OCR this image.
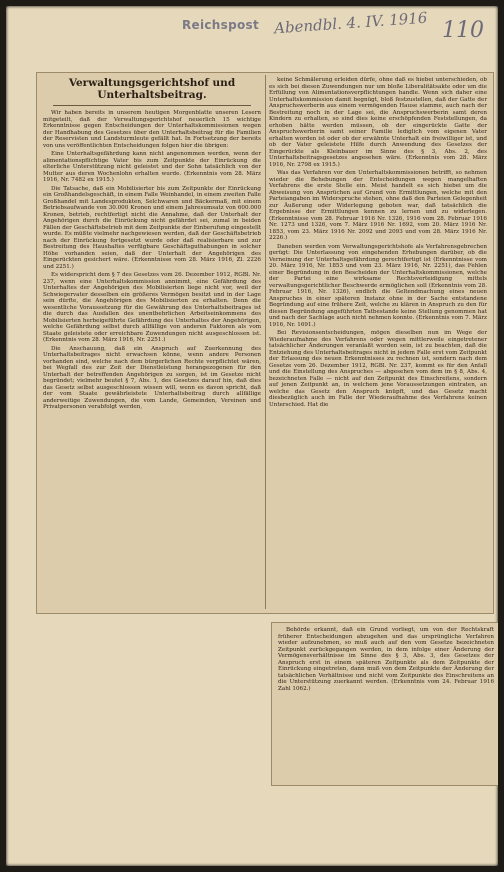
Reichspost Abendbl. 4. IV. 1916 110
Verwaltungsgerichtshof und
Unterhaltsbeitrag.

Wir haben bereits in unserem heutigen Morgenblatte unseren Lesern mitgeteilt, daß der Verwaltungsgerichtshof neuerlich 15 wichtige Erkenntnisse gegen Entscheidungen der Unterhaltskommissionen wegen der Handhabung des Gesetzes über den Unterhaltsbeitrag für die Familien der Reservisten und Landsturmleute gefällt hat. In Fortsetzung der bereits von uns veröffentlichten Entscheidungen folgen hier die übrigen:

Eine Unterhaltsgefährdung kann nicht angenommen werden, wenn der alimentationspflichtige Vater bis zum Zeitpunkte der Einrückung die elterliche Unterstützung nicht geleistet und der Sohn tatsächlich von der Mutter aus deren Wochenlohn erhalten wurde. (Erkenntnis vom 28. März 1916, Nr. 7482 ex 1915.)

Die Tatsache, daß ein Mobilisierter bis zum Zeitpunkte der Einrückung ein Großhandelsgeschäft, in einem Falle Weinhandel, in einem zweiten Falle Großhandel mit Landesprodukten, Selchwaren und Bäckermaß, mit einem Betriebsaufwande von 30.000 Kronen und einem Jahresumsatz von 600.000 Kronen, betrieb, rechtfertigt nicht die Annahme, daß der Unterhalt der Angehörigen durch die Einrückung nicht gefährdet sei, zumal in beiden Fällen der Geschäftsbetrieb mit dem Zeitpunkte der Einberufung eingestellt wurde. Es müßte vielmehr nachgewiesen werden, daß der Geschäftsbetrieb nach der Einrückung fortgesetzt wurde oder daß realisierbare und zur Bestreitung des Haushaltes verfügbare Geschäftsguthabungen in solcher Höhe vorhanden seien, daß der Unterhalt der Angehörigen des Eingerückten gesichert wäre. (Erkenntnisse vom 28. März 1916, Zl. 2226 und 2251.)

Es widerspricht dem § 7 des Gesetzes vom 26. Dezember 1912, RGBl. Nr. 237, wenn eine Unterhaltskommission annimmt, eine Gefährdung des Unterhaltes der Angehörigen des Mobilisierten liege nicht vor, weil der Schwiegervater desselben ein größeres Vermögen besitzt und in der Lage sein dürfte, die Angehörigen des Mobilisierten zu erhalten. Denn die wesentliche Voraussetzung für die Gewährung des Unterhaltsbeitrages ist die durch das Ausfallen des unentbehrlichen Arbeitseinkommens des Mobilisierten herbeigeführte Gefährdung des Unterhaltes der Angehörigen, welche Gefährdung selbst durch allfällige von anderen Faktoren als vom Staate geleistete oder erreichbare Zuwendungen nicht ausgeschlossen ist. (Erkenntnis vom 28. März 1916, Nr. 2251.)

Die Anschauung, daß ein Anspruch auf Zuerkennung des Unterhaltsbeitrages nicht erwachsen könne, wenn andere Personen vorhanden sind, welche nach dem bürgerlichen Rechte verpflichtet wären, bei Wegfall des zur Zeit der Dienstleistung herangezogenen für den Unterhalt der betreffenden Angehörigen zu sorgen, ist im Gesetze nicht begründet; vielmehr beutet § 7, Abs. 1, des Gesetzes darauf hin, daß dies das Gesetz selbst ausgeschlossen wissen will, wenn es davon spricht, daß der vom Staate gewährleistete Unterhaltsbeitrag durch allfällige anderweitige Zuwendungen, die vom Lande, Gemeinden, Vereinen und Privatpersonen verabfolgt werden,

keine Schmälerung erleiden dürfe, ohne daß es hiebei unterschieden, ob es sich bei diesen Zuwendungen nur um bloße Liberalitätsakte oder um die Erfüllung von Alimentationsverpflichtungen handle. Wenn sich daher eine Unterhaltskommission damit begnügt, bloß festzustellen, daß der Gatte der Anspruchswerberin aus einem vermögenden Hause stamme, auch nach der Bestreitung noch in der Lage sei, die Anspruchswerberin samt deren Kindern zu erhalten, so sind dies keine erschöpfenden Feststellungen, da erhoben hätte werden müssen, ob der eingerückte Gatte der Anspruchswerberin samt seiner Familie lediglich vom eigenen Vater erhalten worden ist oder ob der erwähnte Unterhalt ein freiwilliger ist, und ob der Vater geleistete Hilfe durch Anwendung des Gesetzes der Eingerückte als Kleinbauer im Sinne des § 3, Abs. 2, des Unterhaltsbeitragsgesetzes angesehen wäre. (Erkenntnis vom 28. März 1916, Nr. 2798 ex 1915.)

Was das Verfahren vor den Unterhaltskommissionen betrifft, so nehmen wieder die Behebungen der Entscheidungen wegen mangelhaften Verfahrens die erste Stelle ein. Meist handelt es sich hiebei um die Abweisung von Ansprüchen auf Grund von Ermittlungen, welche mit den Parteiangaben im Widerspruche stehen, ohne daß den Parteien Gelegenheit zur Äußerung oder Widerlegung geboten war, daß tatsächlich die Ergebnisse der Ermittlungen kennen zu lernen und zu widerlegen. (Erkenntnisse vom 28. Februar 1916 Nr. 1326, 1916 vom 28. Februar 1916 Nr. 1273 und 1326, vom 7. März 1916 Nr. 1692, vom 20. März 1916 Nr. 1853, vom 23. März 1916 Nr. 2092 und 2093 und vom 28. März 1916 Nr. 2226.)

Daneben werden vom Verwaltungsgerichtshofe als Verfahrensgebrechen gerügt: Die Unterlassung von eingehenden Erhebungen darüber, ob die Verneinung der Unterhaltsgefährdung gerechtfertigt ist (Erkenntnisse vom 20. März 1916, Nr. 1853 und vom 23. März 1916, Nr. 2251), das Fehlen einer Begründung in den Bescheiden der Unterhaltskommissionen, welche der Partei eine wirksame Rechtsverteidigung mittels verwaltungsgerichtlicher Beschwerde ermöglichen soll (Erkenntnis vom 28. Februar 1916, Nr. 1326), endlich die Geltendmachung eines neuen Anspruches in einer späteren Instanz ohne in der Sache entstandene Begründung auf eine frühere Zeit, welche zu klären in Anspruch zu den für diesen Begründung angeführten Tatbestande keine Stellung genommen hat und nach der Sachlage auch nicht nehmen konnte. (Erkenntnis vom 7. März 1916, Nr. 1691.)

Bei Revisionsentscheidungen, mögen dieselben nun im Wege der Wiederaufnahme des Verfahrens oder wegen mittlerweile eingetretener tatsächlicher Änderungen veranlaßt worden sein, ist zu beachten, daß die Entziehung des Unterhaltsbeitrages nicht in jedem Falle erst vom Zeitpunkt der Erlassung des neuen Erkenntnisses zu rechnen ist, sondern nach dem Gesetze vom 26. Dezember 1912, RGBl. Nr. 237, kommt es für den Anfall und die Einstellung des Anspruches — abgesehen vom dem im § 8, Abs. 4, bezeichneten Falle — nicht auf den Zeitpunkt des Einschreitens, sondern auf jenen Zeitpunkt an, in welchem jene Voraussetzungen eintraten, an welche das Gesetz den Anspruch knüpft, und das Gesetz macht diesbezüglich auch im Falle der Wiederaufnahme des Verfahrens keinen Unterschied. Hat die

Behörde erkannt, daß ein Grund vorliegt, um von der Rechtskraft früherer Entscheidungen abzugehen und das ursprüngliche Verfahren wieder aufzunehmen, so muß auch auf den vom Gesetze bezeichneten Zeitpunkt zurückgegangen werden, in dem infolge einer Änderung der Vermögensverhältnisse im Sinne des § 3, Abs. 3, des Gesetzes der Anspruch erst in einem späteren Zeitpunkte als dem Zeitpunkte der Einrückung eingetreten, dann muß von dem Zeitpunkte der Änderung der tatsächlichen Verhältnisse und nicht vom Zeitpunkte des Einschreitens an die Unterstützung zuerkannt werden. (Erkenntnis vom 24. Februar 1916 Zahl 1062.)
